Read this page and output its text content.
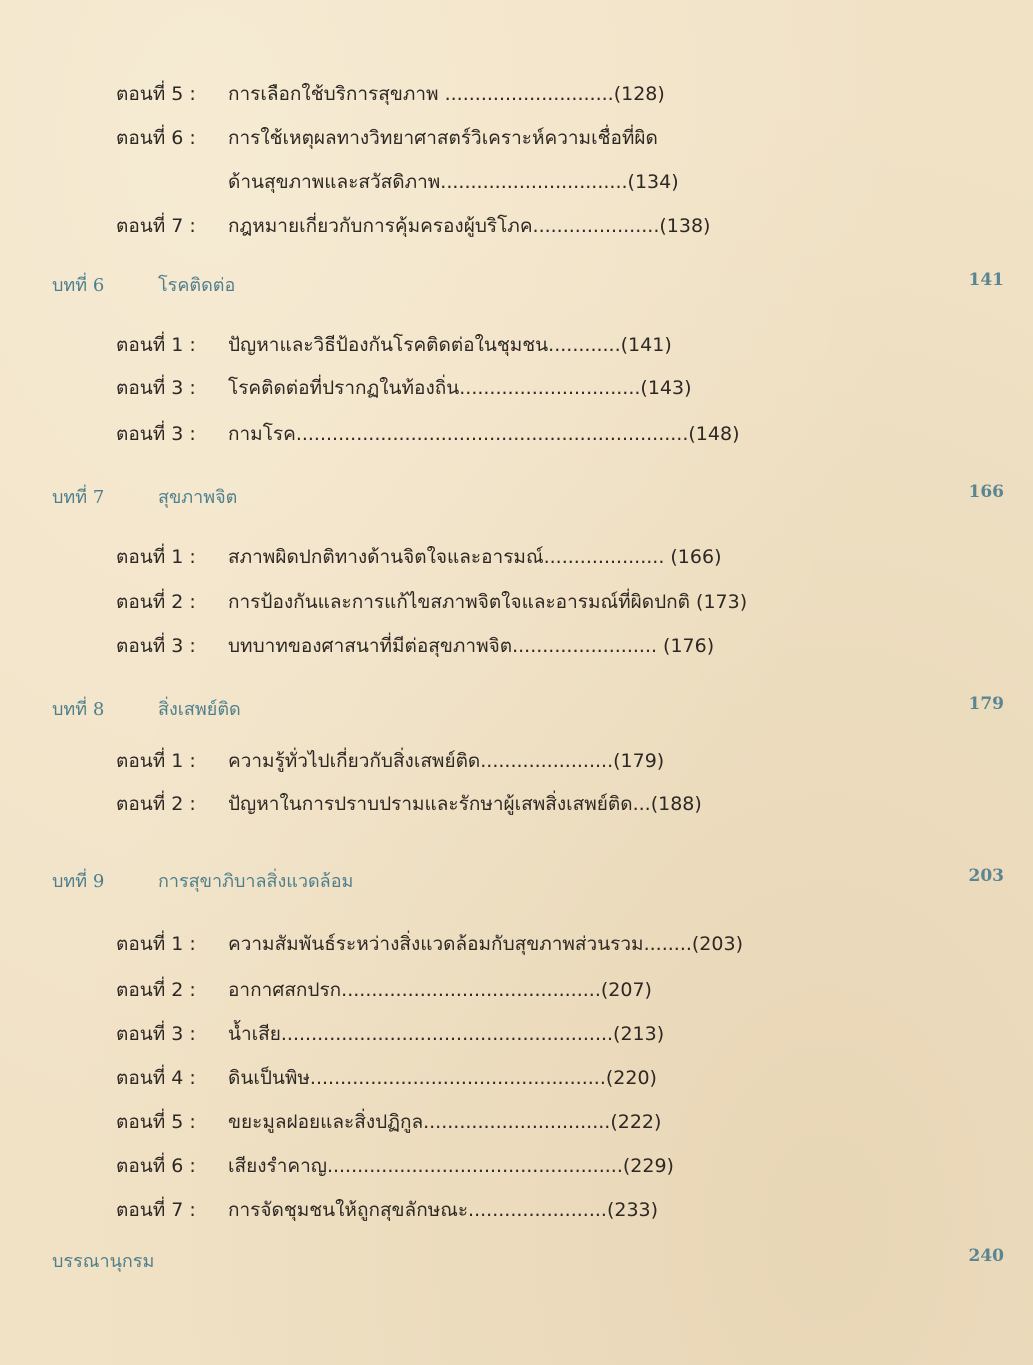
ตอนที่ 5 : การเลือกใช้บริการสุขภาพ ............................(128)
ตอนที่ 6 : การใช้เหตุผลทางวิทยาศาสตร์วิเคราะห์ความเชื่อที่ผิด
ด้านสุขภาพและสวัสดิภาพ...............................(134)
ตอนที่ 7 : กฎหมายเกี่ยวกับการคุ้มครองผู้บริโภค.....................(138)
บทที่ 6	โรคติดต่อ	141
ตอนที่ 1 : ปัญหาและวิธีป้องกันโรคติดต่อในชุมชน............(141)
ตอนที่ 3 : โรคติดต่อที่ปรากฏในท้องถิ่น..............................(143)
ตอนที่ 3 : กามโรค.................................................................(148)
บทที่ 7	สุขภาพจิต	166
ตอนที่ 1 : สภาพผิดปกติทางด้านจิตใจและอารมณ์.................... (166)
ตอนที่ 2 : การป้องกันและการแก้ไขสภาพจิตใจและอารมณ์ที่ผิดปกติ (173)
ตอนที่ 3 : บทบาทของศาสนาที่มีต่อสุขภาพจิต........................ (176)
บทที่ 8	สิ่งเสพย์ติด	179
ตอนที่ 1 : ความรู้ทั่วไปเกี่ยวกับสิ่งเสพย์ติด......................(179)
ตอนที่ 2 : ปัญหาในการปราบปรามและรักษาผู้เสพสิ่งเสพย์ติด...(188)
บทที่ 9	การสุขาภิบาลสิ่งแวดล้อม	203
ตอนที่ 1 : ความสัมพันธ์ระหว่างสิ่งแวดล้อมกับสุขภาพส่วนรวม........(203)
ตอนที่ 2 : อากาศสกปรก...........................................(207)
ตอนที่ 3 : น้ำเสีย.......................................................(213)
ตอนที่ 4 : ดินเป็นพิษ.................................................(220)
ตอนที่ 5 : ขยะมูลฝอยและสิ่งปฏิกูล...............................(222)
ตอนที่ 6 : เสียงรำคาญ.................................................(229)
ตอนที่ 7 : การจัดชุมชนให้ถูกสุขลักษณะ.......................(233)
บรรณานุกรม	240
